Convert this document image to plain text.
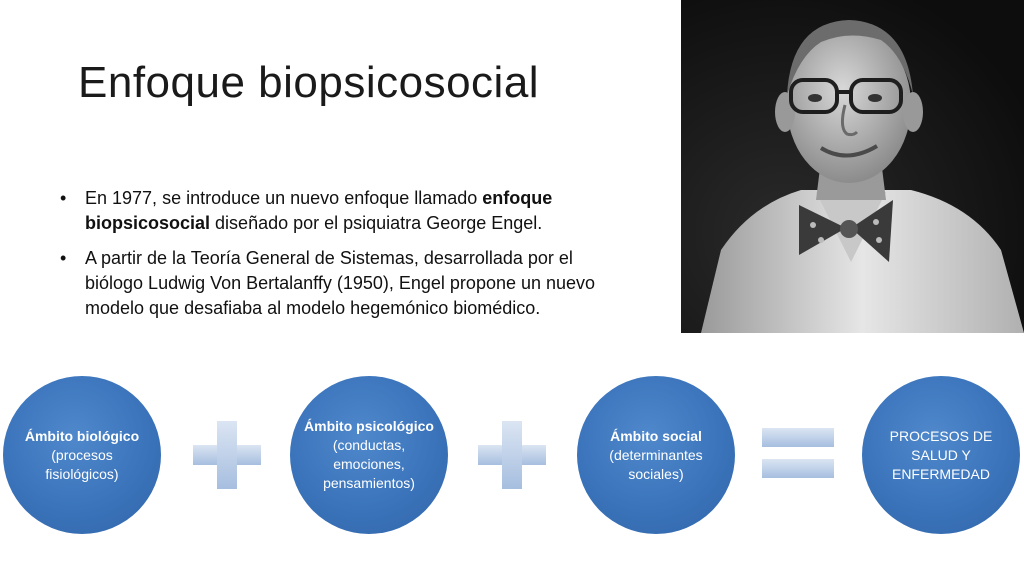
Enfoque biopsicosocial
• En 1977, se introduce un nuevo enfoque llamado enfoque biopsicosocial diseñado por el psiquiatra George Engel.
• A partir de la Teoría General de Sistemas, desarrollada por el biólogo Ludwig Von Bertalanffy (1950), Engel propone un nuevo modelo que desafiaba al modelo hegemónico biomédico.
Ámbito biológico
(procesos fisiológicos)
Ámbito psicológico
(conductas, emociones, pensamientos)
Ámbito social
(determinantes sociales)
PROCESOS DE SALUD Y ENFERMEDAD
